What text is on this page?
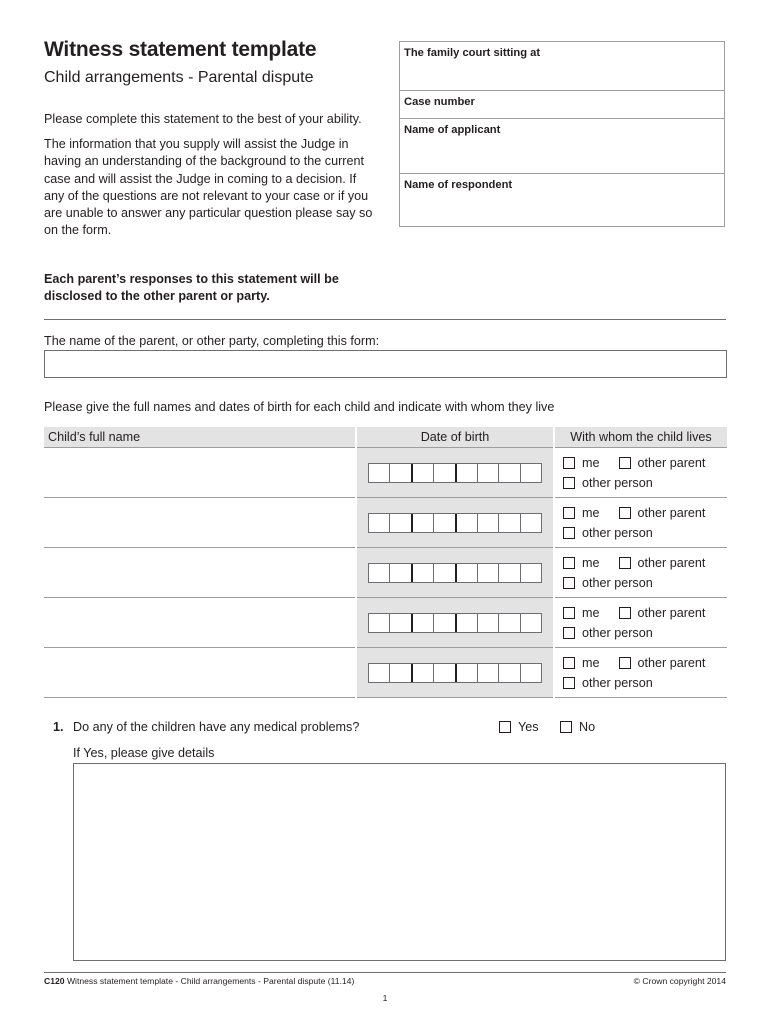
Witness statement template
Child arrangements - Parental dispute

Please complete this statement to the best of your ability.

The information that you supply will assist the Judge in having an understanding of the background to the current case and will assist the Judge in coming to a decision. If any of the questions are not relevant to your case or if you are unable to answer any particular question please say so on the form.

Each parent’s responses to this statement will be disclosed to the other parent or party.
The family court sitting at
Case number
Name of applicant
Name of respondent
The name of the parent, or other party, completing this form:
Please give the full names and dates of birth for each child and indicate with whom they live
Child’s full name	Date of birth	With whom the child lives

		me other parent
other person

		me other parent
other person

		me other parent
other person

		me other parent
other person

		me other parent
other person
1. Do any of the children have any medical problems?	Yes	No
If Yes, please give details
C120 Witness statement template - Child arrangements - Parental dispute (11.14)	© Crown copyright 2014
1
